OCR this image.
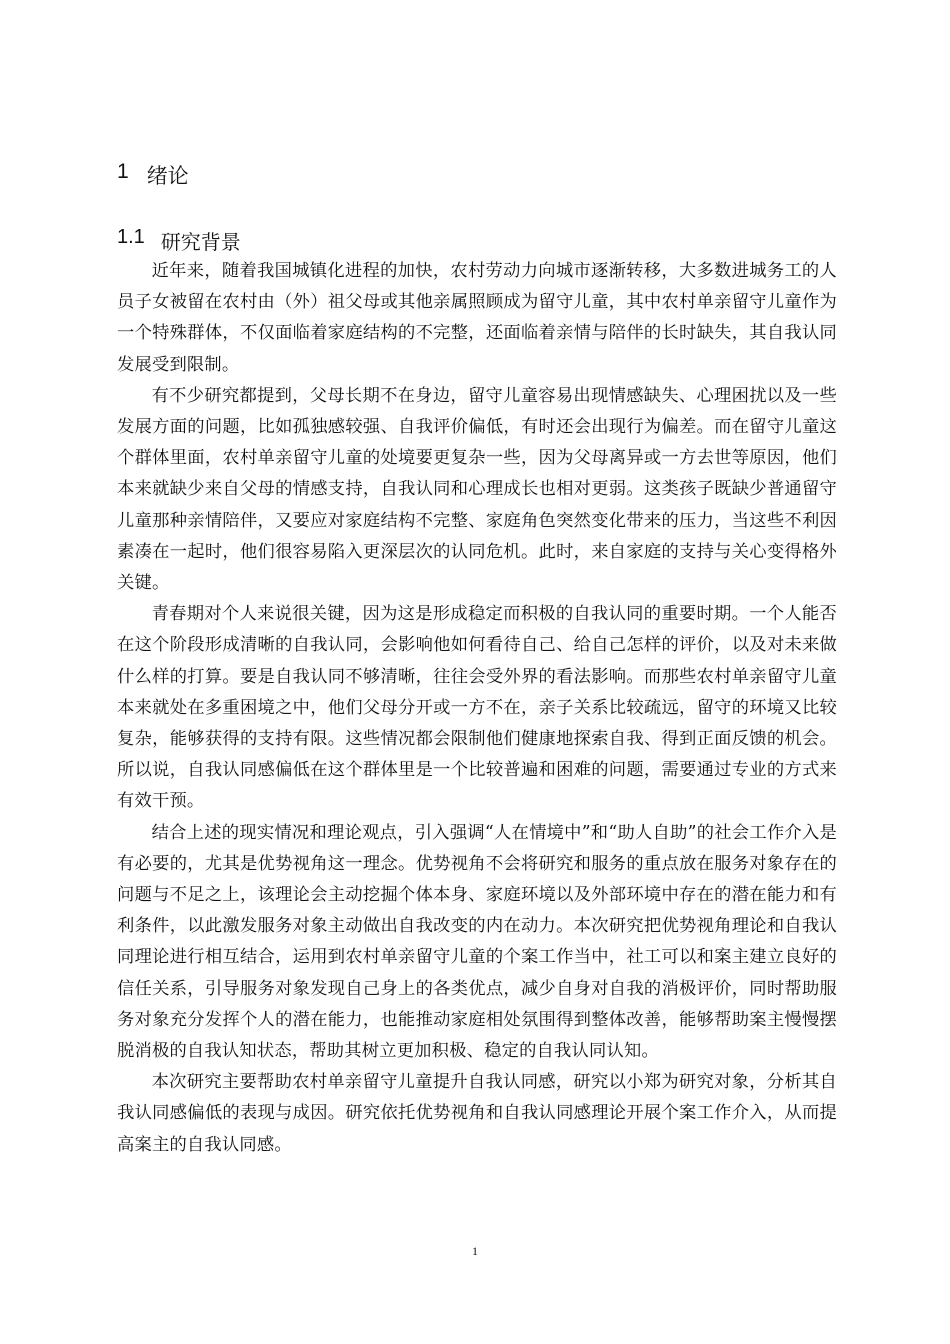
1 绪论
1.1 研究背景

近年来，随着我国城镇化进程的加快，农村劳动力向城市逐渐转移，大多数进城务工的人员子女被留在农村由（外）祖父母或其他亲属照顾成为留守儿童，其中农村单亲留守儿童作为一个特殊群体，不仅面临着家庭结构的不完整，还面临着亲情与陪伴的长时缺失，其自我认同发展受到限制。

有不少研究都提到，父母长期不在身边，留守儿童容易出现情感缺失、心理困扰以及一些发展方面的问题，比如孤独感较强、自我评价偏低，有时还会出现行为偏差。而在留守儿童这个群体里面，农村单亲留守儿童的处境要更复杂一些，因为父母离异或一方去世等原因，他们本来就缺少来自父母的情感支持，自我认同和心理成长也相对更弱。这类孩子既缺少普通留守儿童那种亲情陪伴，又要应对家庭结构不完整、家庭角色突然变化带来的压力，当这些不利因素凑在一起时，他们很容易陷入更深层次的认同危机。此时，来自家庭的支持与关心变得格外关键。

青春期对个人来说很关键，因为这是形成稳定而积极的自我认同的重要时期。一个人能否在这个阶段形成清晰的自我认同，会影响他如何看待自己、给自己怎样的评价，以及对未来做什么样的打算。要是自我认同不够清晰，往往会受外界的看法影响。而那些农村单亲留守儿童本来就处在多重困境之中，他们父母分开或一方不在，亲子关系比较疏远，留守的环境又比较复杂，能够获得的支持有限。这些情况都会限制他们健康地探索自我、得到正面反馈的机会。所以说，自我认同感偏低在这个群体里是一个比较普遍和困难的问题，需要通过专业的方式来有效干预。

结合上述的现实情况和理论观点，引入强调“人在情境中”和“助人自助”的社会工作介入是有必要的，尤其是优势视角这一理念。优势视角不会将研究和服务的重点放在服务对象存在的问题与不足之上，该理论会主动挖掘个体本身、家庭环境以及外部环境中存在的潜在能力和有利条件，以此激发服务对象主动做出自我改变的内在动力。本次研究把优势视角理论和自我认同理论进行相互结合，运用到农村单亲留守儿童的个案工作当中，社工可以和案主建立良好的信任关系，引导服务对象发现自己身上的各类优点，减少自身对自我的消极评价，同时帮助服务对象充分发挥个人的潜在能力，也能推动家庭相处氛围得到整体改善，能够帮助案主慢慢摆脱消极的自我认知状态，帮助其树立更加积极、稳定的自我认同认知。

本次研究主要帮助农村单亲留守儿童提升自我认同感，研究以小郑为研究对象，分析其自我认同感偏低的表现与成因。研究依托优势视角和自我认同感理论开展个案工作介入，从而提高案主的自我认同感。

1
